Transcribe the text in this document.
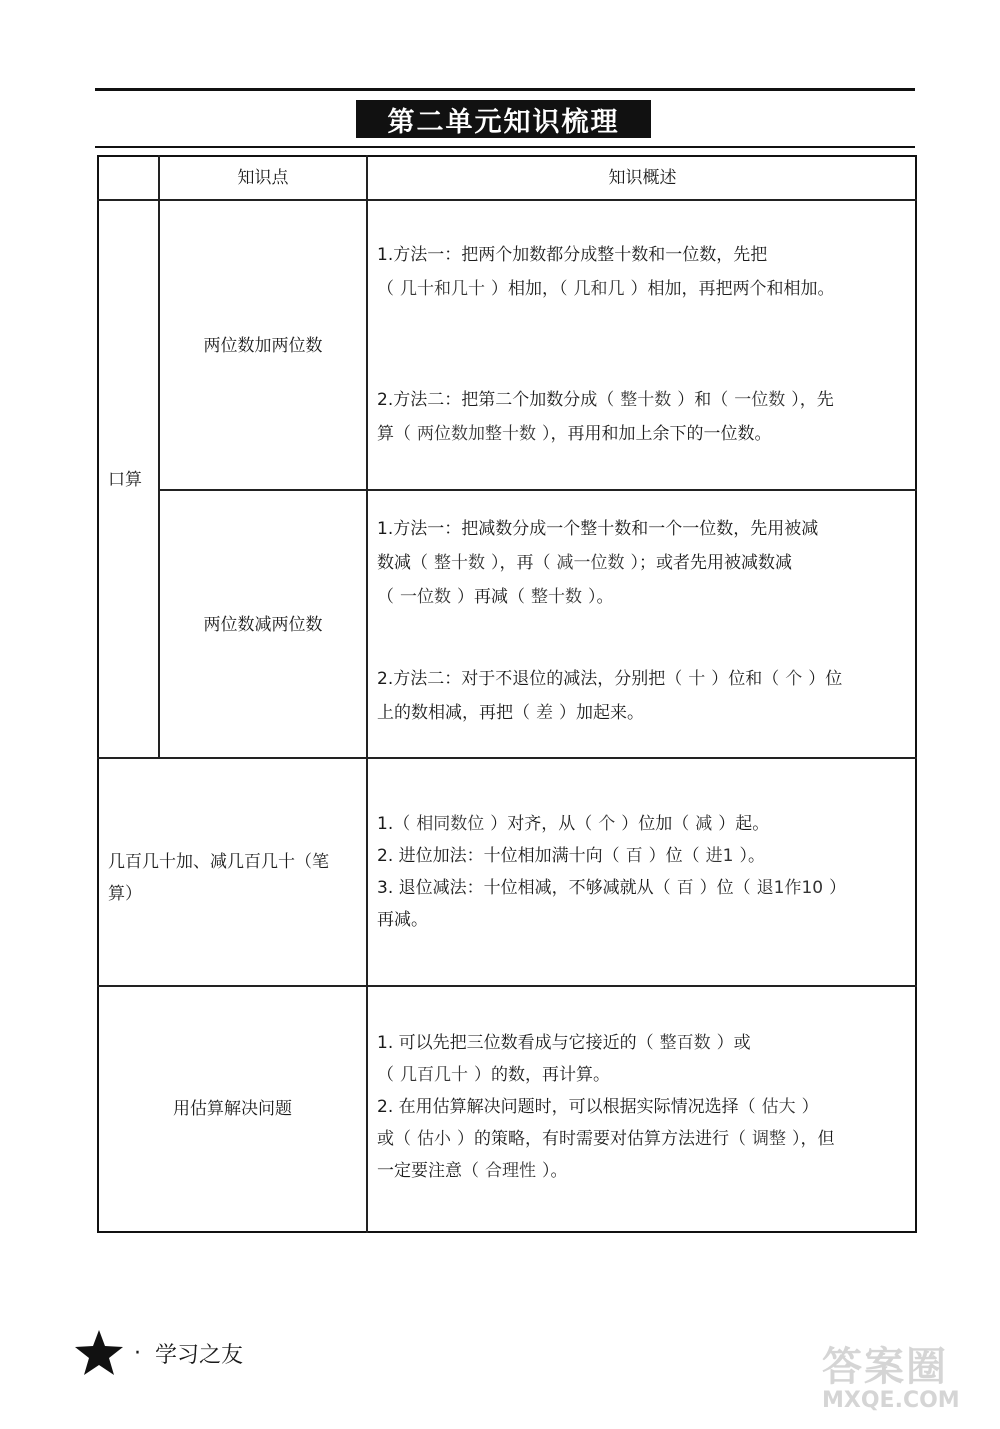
第二单元知识梳理
知识点	知识概述
口算
两位数加两位数
1.方法一：把两个加数都分成整十数和一位数，先把
（ 几十和几十 ）相加，（ 几和几 ）相加，再把两个和相加。
2.方法二：把第二个加数分成（ 整十数 ）和（ 一位数 ），先
算（ 两位数加整十数 ），再用和加上余下的一位数。
两位数减两位数
1.方法一：把减数分成一个整十数和一个一位数，先用被减
数减（ 整十数 ），再（ 减一位数 ）；或者先用被减数减
（ 一位数 ）再减（ 整十数 ）。
2.方法二：对于不退位的减法，分别把（ 十 ）位和（ 个 ）位
上的数相减，再把（ 差 ）加起来。
几百几十加、减几百几十（笔
算）
1.（ 相同数位 ）对齐，从（ 个 ）位加（ 减 ）起。
2. 进位加法：十位相加满十向（ 百 ）位（ 进1 ）。
3. 退位减法：十位相减，不够减就从（ 百 ）位（ 退1作10 ）
再减。
用估算解决问题
1. 可以先把三位数看成与它接近的（ 整百数 ）或
（ 几百几十 ）的数，再计算。
2. 在用估算解决问题时，可以根据实际情况选择（ 估大 ）
或（ 估小 ）的策略，有时需要对估算方法进行（ 调整 ），但
一定要注意（ 合理性 ）。
· 学习之友	答案圈
MXQE.COM
